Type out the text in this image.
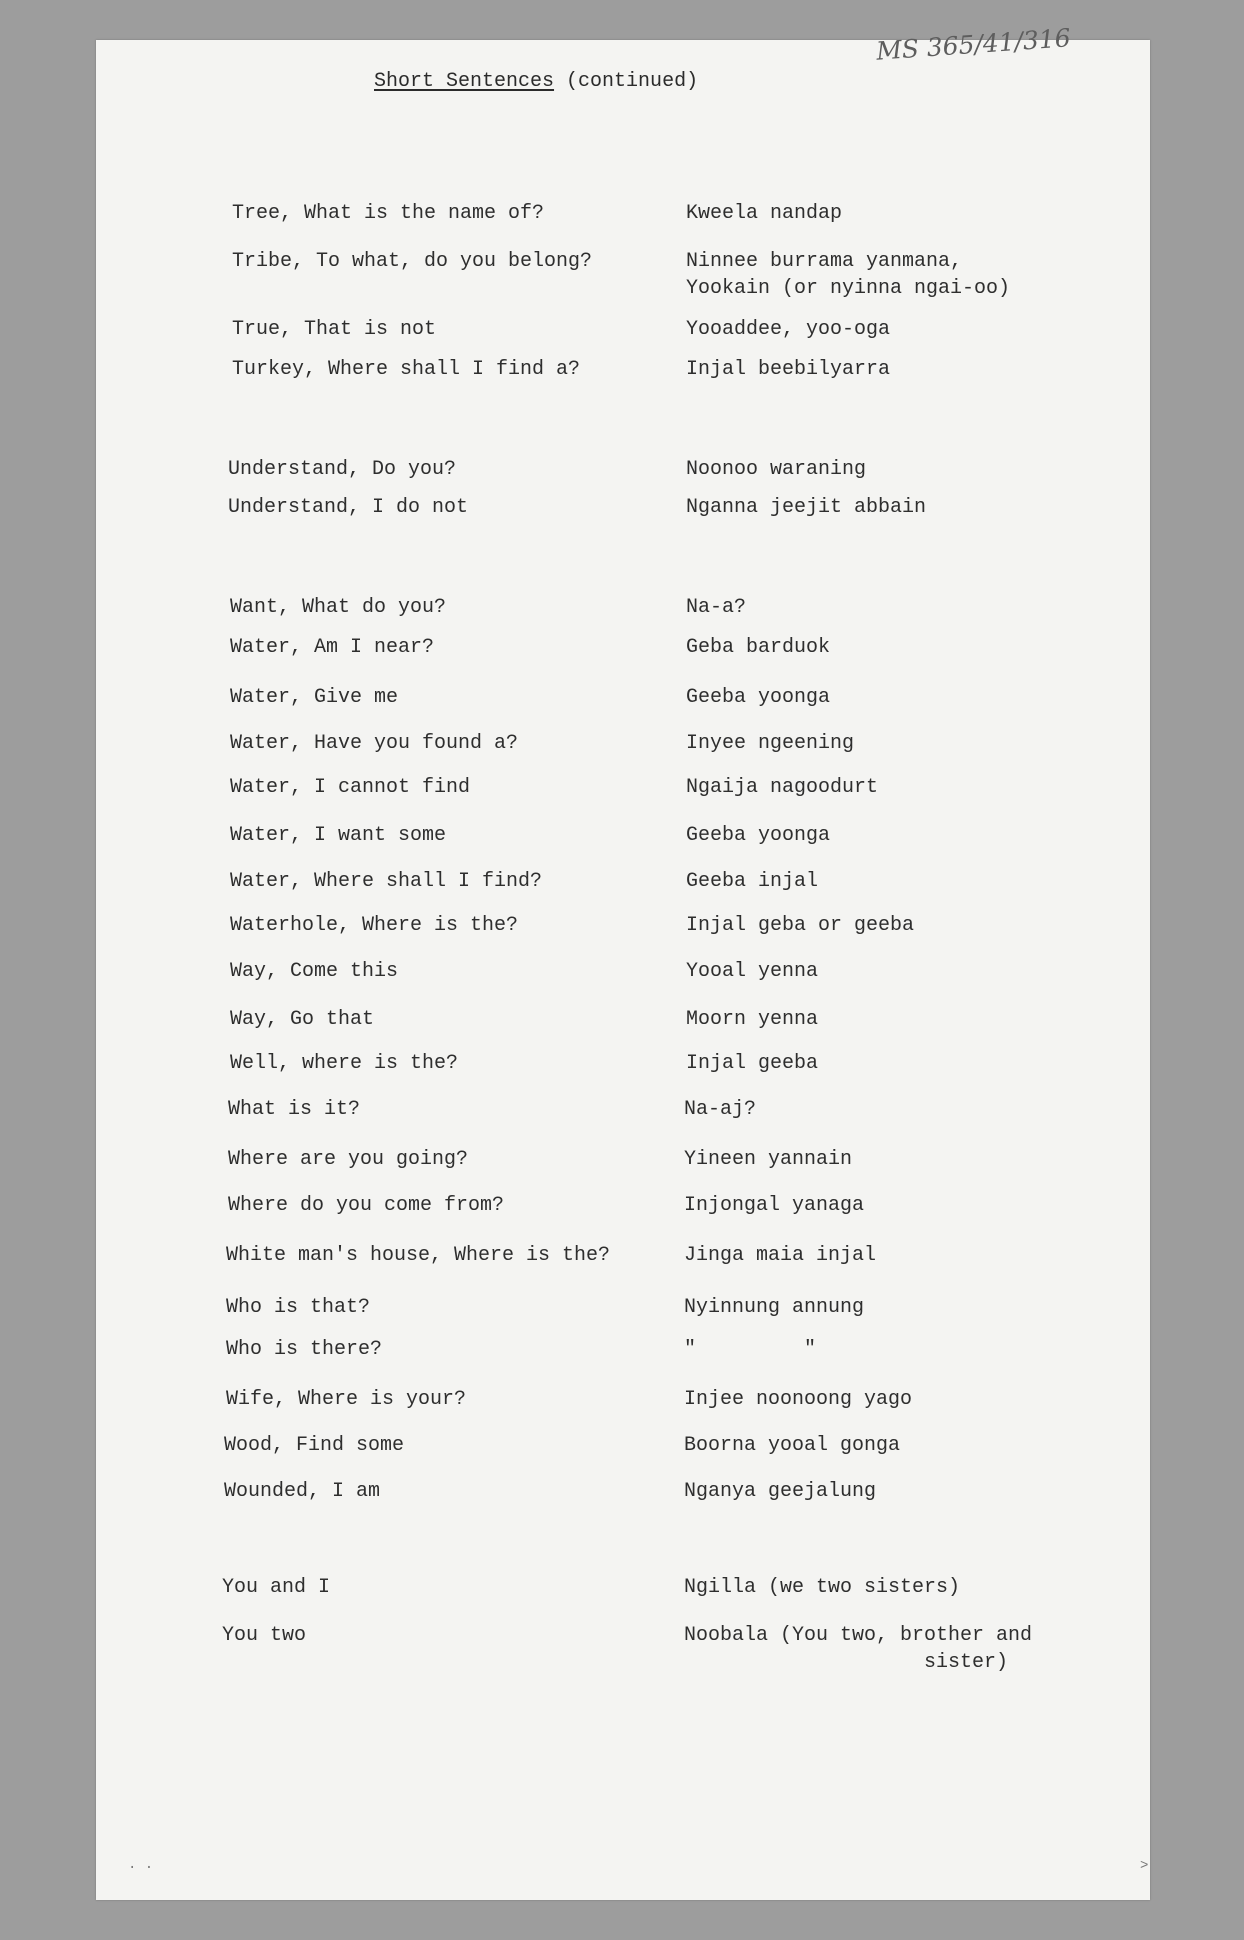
MS 365/41/316
Short Sentences (continued)
Tree, What is the name of?	Kweela nandap
Tribe, To what, do you belong?	Ninnee burrama yanmana,
Yookain (or nyinna ngai-oo)
True, That is not	Yooaddee, yoo-oga
Turkey, Where shall I find a?	Injal beebilyarra
Understand, Do you?	Noonoo waraning
Understand, I do not	Nganna jeejit abbain
Want, What do you?	Na-a?
Water, Am I near?	Geba barduok
Water, Give me	Geeba yoonga
Water, Have you found a?	Inyee ngeening
Water, I cannot find	Ngaija nagoodurt
Water, I want some	Geeba yoonga
Water, Where shall I find?	Geeba injal
Waterhole, Where is the?	Injal geba or geeba
Way, Come this	Yooal yenna
Way, Go that	Moorn yenna
Well, where is the?	Injal geeba
What is it?	Na-aj?
Where are you going?	Yineen yannain
Where do you come from?	Injongal yanaga
White man's house, Where is the?	Jinga maia injal
Who is that?	Nyinnung annung
Who is there?	"         "
Wife, Where is your?	Injee noonoong yago
Wood, Find some	Boorna yooal gonga
Wounded, I am	Nganya geejalung
You and I	Ngilla (we two sisters)
You two	Noobala (You two, brother and
sister)
· ·	>
